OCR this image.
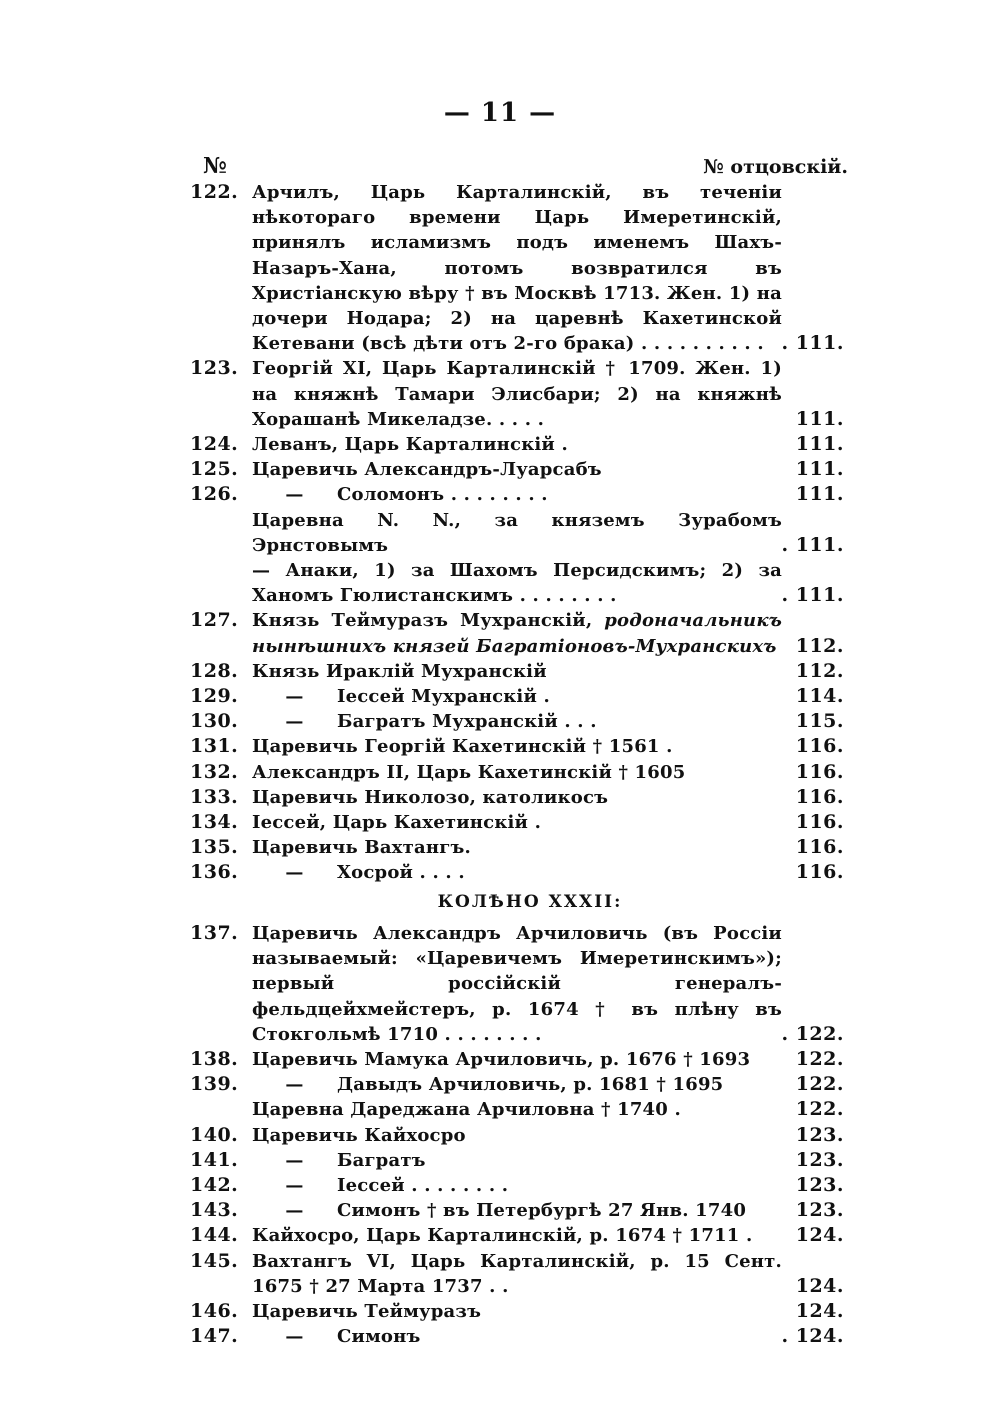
— 11 —
№	№ отцовскій.
122. Арчилъ, Царь Карталинскій, въ теченіи нѣкотораго времени Царь Имеретинскій, принялъ исламизмъ подъ именемъ Шахъ-Назаръ-Хана, потомъ возвратился въ Христіанскую вѣру † въ Москвѣ 1713. Жен. 1) на дочери Нодара; 2) на царевнѣ Кахетинской Кетевани (всѣ дѣти отъ 2-го брака) . . . . . . . . . . . 111.
123. Георгій XI, Царь Карталинскій † 1709. Жен. 1) на княжнѣ Тамари Элисбари; 2) на княжнѣ Хорашанѣ Микеладзе. . . . .	111.
124. Леванъ, Царь Карталинскій .	111.
125. Царевичь Александръ-Луарсабъ	111.
126.	— Соломонъ . . . . . . . .	111.
Царевна N. N., за княземъ Зурабомъ Эрнстовымъ	. 111.
— Анаки, 1) за Шахомъ Персидскимъ; 2) за Ханомъ Гюлистанскимъ . . . . . . . .	. 111.
127. Князь Теймуразъ Мухранскій, родоначальникъ нынѣшнихъ князей Багратіоновъ-Мухранскихъ 112.
128. Князь Ираклій Мухранскій	112.
129.	— Іессей Мухранскій .	114.
130.	— Багратъ Мухранскій . . .	115.
131. Царевичь Георгій Кахетинскій † 1561 .	116.
132. Александръ II, Царь Кахетинскій † 1605	116.
133. Царевичь Николозо, католикосъ	116.
134. Іессей, Царь Кахетинскій .	116.
135. Царевичь Вахтангъ.	116.
136.	— Хосрой . . . .	116.
КОЛѢНО XXXII:
137. Царевичь Александръ Арчиловичь (въ Россіи называемый: «Царевичемъ Имеретинскимъ»); первый россійскій генералъ-фельдцейхмейстеръ, р. 1674 † въ плѣну въ Стокгольмѣ 1710 . . . . . . . .	. 122.
138. Царевичь Мамука Арчиловичь, р. 1676 † 1693	122.
139.	— Давыдъ Арчиловичь, р. 1681 † 1695	122.
Царевна Дареджана Арчиловна † 1740 .	122.
140. Царевичь Кайхосро	123.
141.	— Багратъ	123.
142.	— Іессей . . . . . . . .	123.
143.	— Симонъ † въ Петербургѣ 27 Янв. 1740	123.
144. Кайхосро, Царь Карталинскій, р. 1674 † 1711 .	124.
145. Вахтангъ VI, Царь Карталинскій, р. 15 Сент. 1675 † 27 Марта 1737 . .	124.
146. Царевичь Теймуразъ	124.
147.	— Симонъ	. 124.
